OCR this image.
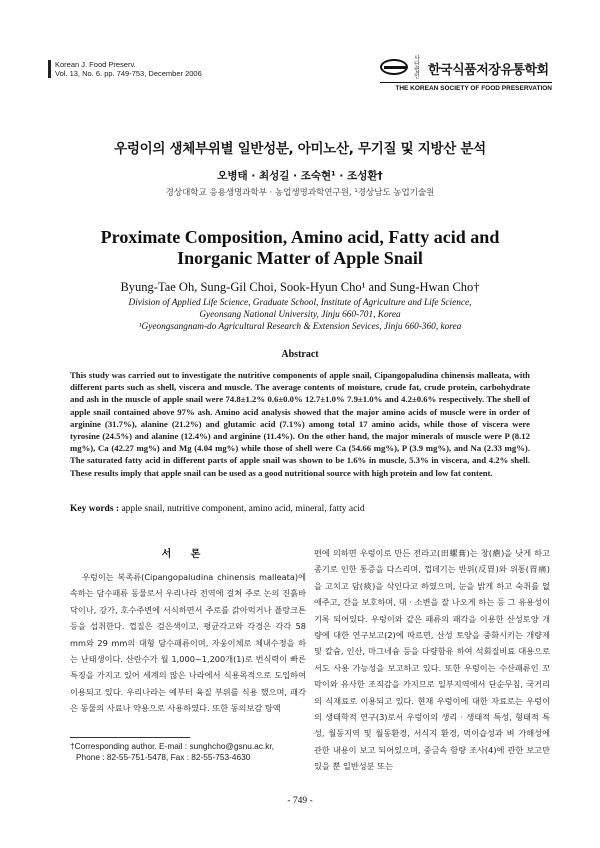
Korean J. Food Preserv.
Vol. 13, No. 6. pp. 749-753, December 2006
사단 법인 한국식품저장유통학회
THE KOREAN SOCIETY OF FOOD PRESERVATION
우렁이의 생체부위별 일반성분, 아미노산, 무기질 및 지방산 분석
오병태 · 최성길 · 조숙현¹ · 조성환†
경상대학교 응용생명과학부 · 농업생명과학연구원, ¹경상남도 농업기술원
Proximate Composition, Amino acid, Fatty acid and
Inorganic Matter of Apple Snail
Byung-Tae Oh, Sung-Gil Choi, Sook-Hyun Cho¹ and Sung-Hwan Cho†
Division of Applied Life Science, Graduate School, Institute of Agriculture and Life Science,
Gyeonsang National University, Jinju 660-701, Korea
¹Gyeongsangnam-do Agricultural Research & Extension Sevices, Jinju 660-360, korea
Abstract
This study was carried out to investigate the nutritive components of apple snail, Cipangopaludina chinensis malleata, with different parts such as shell, viscera and muscle. The average contents of moisture, crude fat, crude protein, carbohydrate and ash in the muscle of apple snail were 74.8±1.2% 0.6±0.0% 12.7±1.0% 7.9±1.0% and 4.2±0.6% respectively. The shell of apple snail contained above 97% ash. Amino acid analysis showed that the major amino acids of muscle were in order of arginine (31.7%), alanine (21.2%) and glutamic acid (7.1%) among total 17 amino acids, while those of viscera were tyrosine (24.5%) and alanine (12.4%) and arginine (11.4%). On the other hand, the major minerals of muscle were P (8.12 mg%), Ca (42.27 mg%) and Mg (4.04 mg%) while those of shell were Ca (54.66 mg%), P (3.9 mg%), and Na (2.33 mg%). The saturated fatty acid in different parts of apple snail was shown to be 1.6% in muscle, 5.3% in viscera, and 4.2% shell. These results imply that apple snail can be used as a good nutritional source with high protein and low fat content.
Key words : apple snail, nutritive component, amino acid, mineral, fatty acid
서 론

우렁이는 복족류(Cipangopaludina chinensis malleata)에 속하는 담수패류 동물로서 우리나라 전역에 걸쳐 주로 논의 진흙바닥이나, 강가, 호수주변에 서식하면서 주로를 갉아먹거나 플랑크톤 등을 섭취한다. 껍질은 검은색이고, 평균각고와 각경은 각각 58 mm와 29 mm의 대형 담수패류이며, 자웅이체로 체내수정을 하는 난태생이다. 산란수가 월 1,000~1,200개(1)로 번식력이 빠른 특징을 가지고 있어 세계의 많은 나라에서 식용목적으로 도입하여 이용되고 있다. 우리나라는 예부터 육질 부위를 식용 했으며, 패각은 동물의 사료나 약용으로 사용하였다. 또한 동의보감 탕액

편에 의하면 우렁이로 만든 전라고(田螺膏)는 창(瘡)을 낫게 하고 종기로 인한 통증을 다스리며, 껍데기는 반위(反胃)와 위통(胃痛)을 고치고 담(痰)을 삭인다고 하였으며, 눈을 밝게 하고 숙취를 없애주고, 간을 보호하며, 대 · 소변을 잘 나오게 하는 등 그 유용성이 기록 되어있다. 우렁이와 같은 패류의 패각을 이용한 산성토양 개량에 대한 연구보고(2)에 따르면, 산성 토양을 중화시키는 개량제 및 칼슘, 인산, 마그네슘 등을 다량함유 하여 석회질비료 대용으로서도 사용 가능성을 보고하고 있다. 또한 우렁이는 수산패류인 꼬막이와 유사한 조직감을 가지므로 일부지역에서 단순무침, 국거리의 식재료로 이용되고 있다. 현재 우렁이에 대한 자료로는 우렁이의 생태학적 연구(3)로서 우렁이의 생리 · 생태적 특성, 형태적 특성, 월동지역 및 월동환경, 서식지 환경, 먹이습성과 벼 가해성에 관한 내용이 보고 되어있으며, 중금속 함량 조사(4)에 관한 보고만 있을 뿐 일반성분 또는

†Corresponding author. E-mail : sunghcho@gsnu.ac.kr,
Phone : 82-55-751-5478, Fax : 82-55-753-4630
- 749 -
